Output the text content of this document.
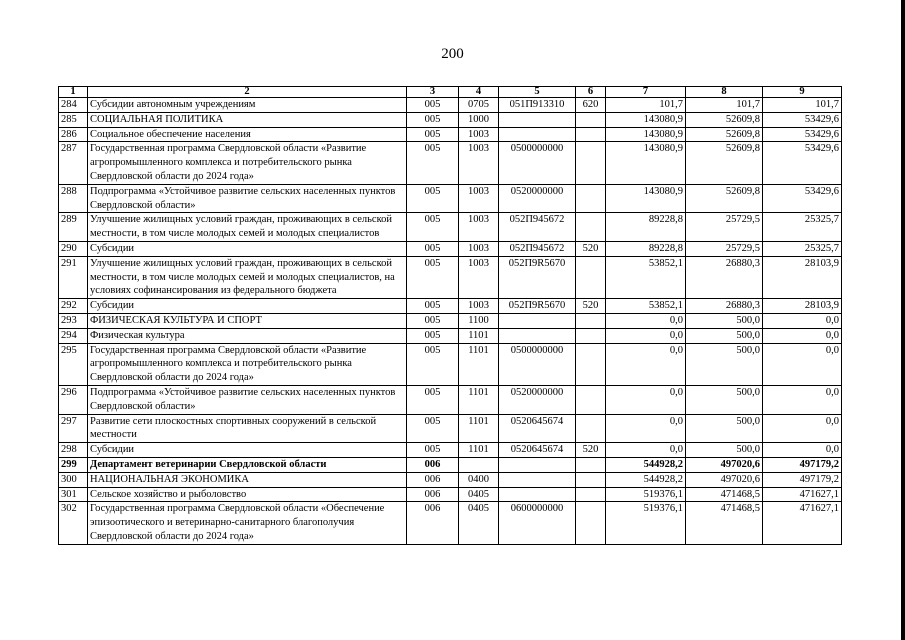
200
1	2	3	4	5	6	7	8	9
284	Субсидии автономным учреждениям	005	0705	051П913310	620	101,7	101,7	101,7
285	СОЦИАЛЬНАЯ ПОЛИТИКА	005	1000			143080,9	52609,8	53429,6
286	Социальное обеспечение населения	005	1003			143080,9	52609,8	53429,6
287	Государственная программа Свердловской области «Развитие агропромышленного комплекса и потребительского рынка Свердловской области до 2024 года»	005	1003	0500000000		143080,9	52609,8	53429,6
288	Подпрограмма «Устойчивое развитие сельских населенных пунктов Свердловской области»	005	1003	0520000000		143080,9	52609,8	53429,6
289	Улучшение жилищных условий граждан, проживающих в сельской местности, в том числе молодых семей и молодых специалистов	005	1003	052П945672		89228,8	25729,5	25325,7
290	Субсидии	005	1003	052П945672	520	89228,8	25729,5	25325,7
291	Улучшение жилищных условий граждан, проживающих в сельской местности, в том числе молодых семей и молодых специалистов, на условиях софинансирования из федерального бюджета	005	1003	052П9R5670		53852,1	26880,3	28103,9
292	Субсидии	005	1003	052П9R5670	520	53852,1	26880,3	28103,9
293	ФИЗИЧЕСКАЯ КУЛЬТУРА И СПОРТ	005	1100			0,0	500,0	0,0
294	Физическая культура	005	1101			0,0	500,0	0,0
295	Государственная программа Свердловской области «Развитие агропромышленного комплекса и потребительского рынка Свердловской области до 2024 года»	005	1101	0500000000		0,0	500,0	0,0
296	Подпрограмма «Устойчивое развитие сельских населенных пунктов Свердловской области»	005	1101	0520000000		0,0	500,0	0,0
297	Развитие сети плоскостных спортивных сооружений в сельской местности	005	1101	0520645674		0,0	500,0	0,0
298	Субсидии	005	1101	0520645674	520	0,0	500,0	0,0
299	Департамент ветеринарии Свердловской области	006				544928,2	497020,6	497179,2
300	НАЦИОНАЛЬНАЯ ЭКОНОМИКА	006	0400			544928,2	497020,6	497179,2
301	Сельское хозяйство и рыболовство	006	0405			519376,1	471468,5	471627,1
302	Государственная программа Свердловской области «Обеспечение эпизоотического и ветеринарно-санитарного благополучия Свердловской области до 2024 года»	006	0405	0600000000		519376,1	471468,5	471627,1
